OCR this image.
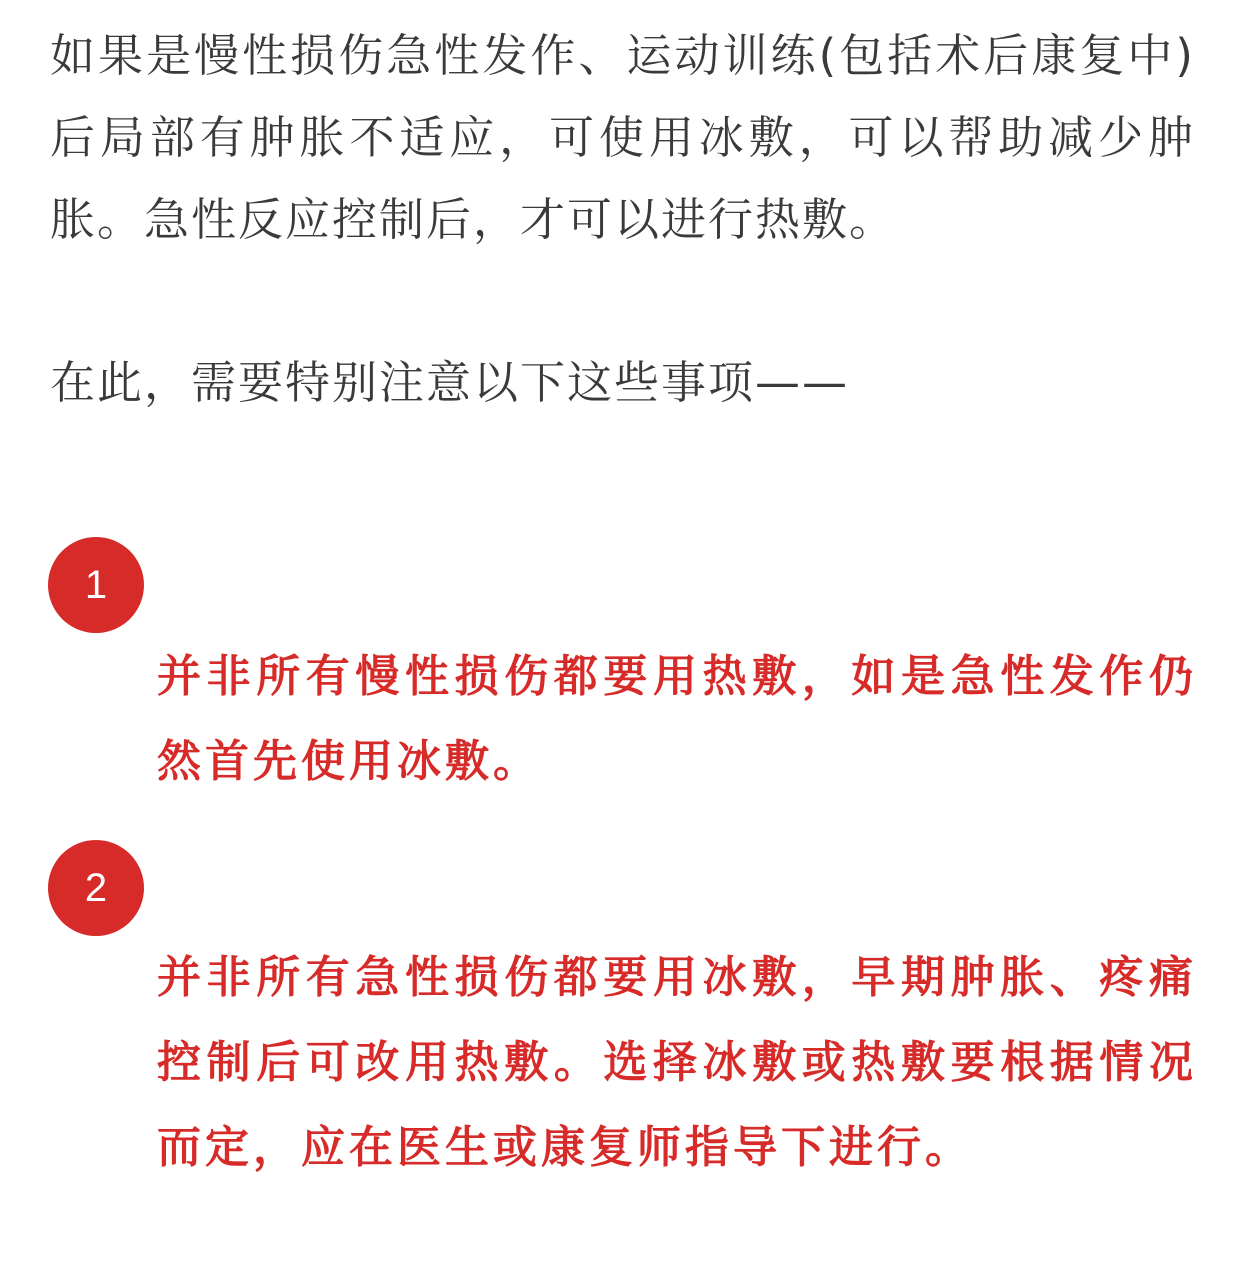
如果是慢性损伤急性发作、运动训练(包括术后康复中)后局部有肿胀不适应，可使用冰敷，可以帮助减少肿胀。急性反应控制后，才可以进行热敷。

在此，需要特别注意以下这些事项——

1

并非所有慢性损伤都要用热敷，如是急性发作仍然首先使用冰敷。

2

并非所有急性损伤都要用冰敷，早期肿胀、疼痛控制后可改用热敷。选择冰敷或热敷要根据情况而定，应在医生或康复师指导下进行。
